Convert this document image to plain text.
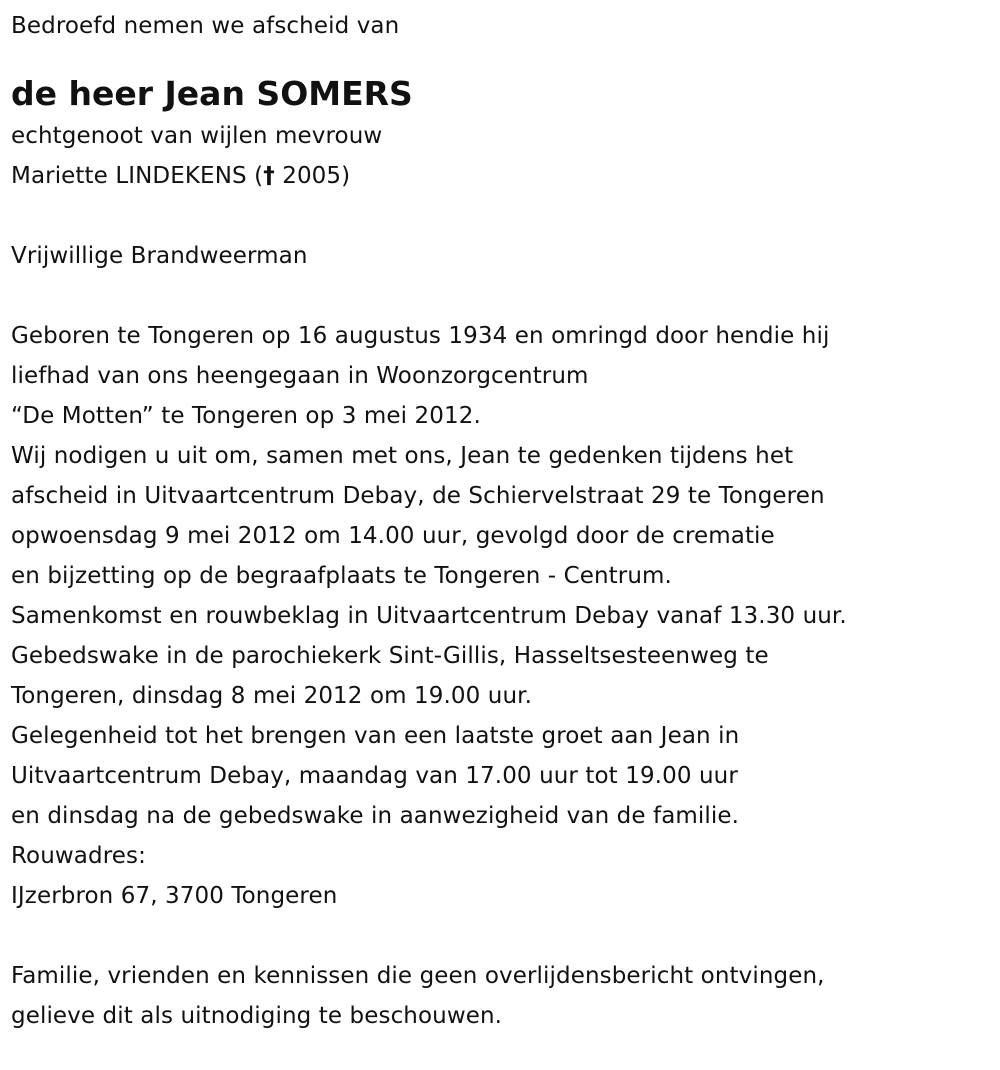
Bedroefd nemen we afscheid van
de heer Jean SOMERS
echtgenoot van wijlen mevrouw
Mariette LINDEKENS († 2005)
Vrijwillige Brandweerman
Geboren te Tongeren op 16 augustus 1934 en omringd door hendie hij
liefhad van ons heengegaan in Woonzorgcentrum
“De Motten” te Tongeren op 3 mei 2012.
Wij nodigen u uit om, samen met ons, Jean te gedenken tijdens het
afscheid in Uitvaartcentrum Debay, de Schiervelstraat 29 te Tongeren
opwoensdag 9 mei 2012 om 14.00 uur, gevolgd door de crematie
en bijzetting op de begraafplaats te Tongeren - Centrum.
Samenkomst en rouwbeklag in Uitvaartcentrum Debay vanaf 13.30 uur.
Gebedswake in de parochiekerk Sint-Gillis, Hasseltsesteenweg te
Tongeren, dinsdag 8 mei 2012 om 19.00 uur.
Gelegenheid tot het brengen van een laatste groet aan Jean in
Uitvaartcentrum Debay, maandag van 17.00 uur tot 19.00 uur
en dinsdag na de gebedswake in aanwezigheid van de familie.
Rouwadres:
IJzerbron 67, 3700 Tongeren
Familie, vrienden en kennissen die geen overlijdensbericht ontvingen,
gelieve dit als uitnodiging te beschouwen.
